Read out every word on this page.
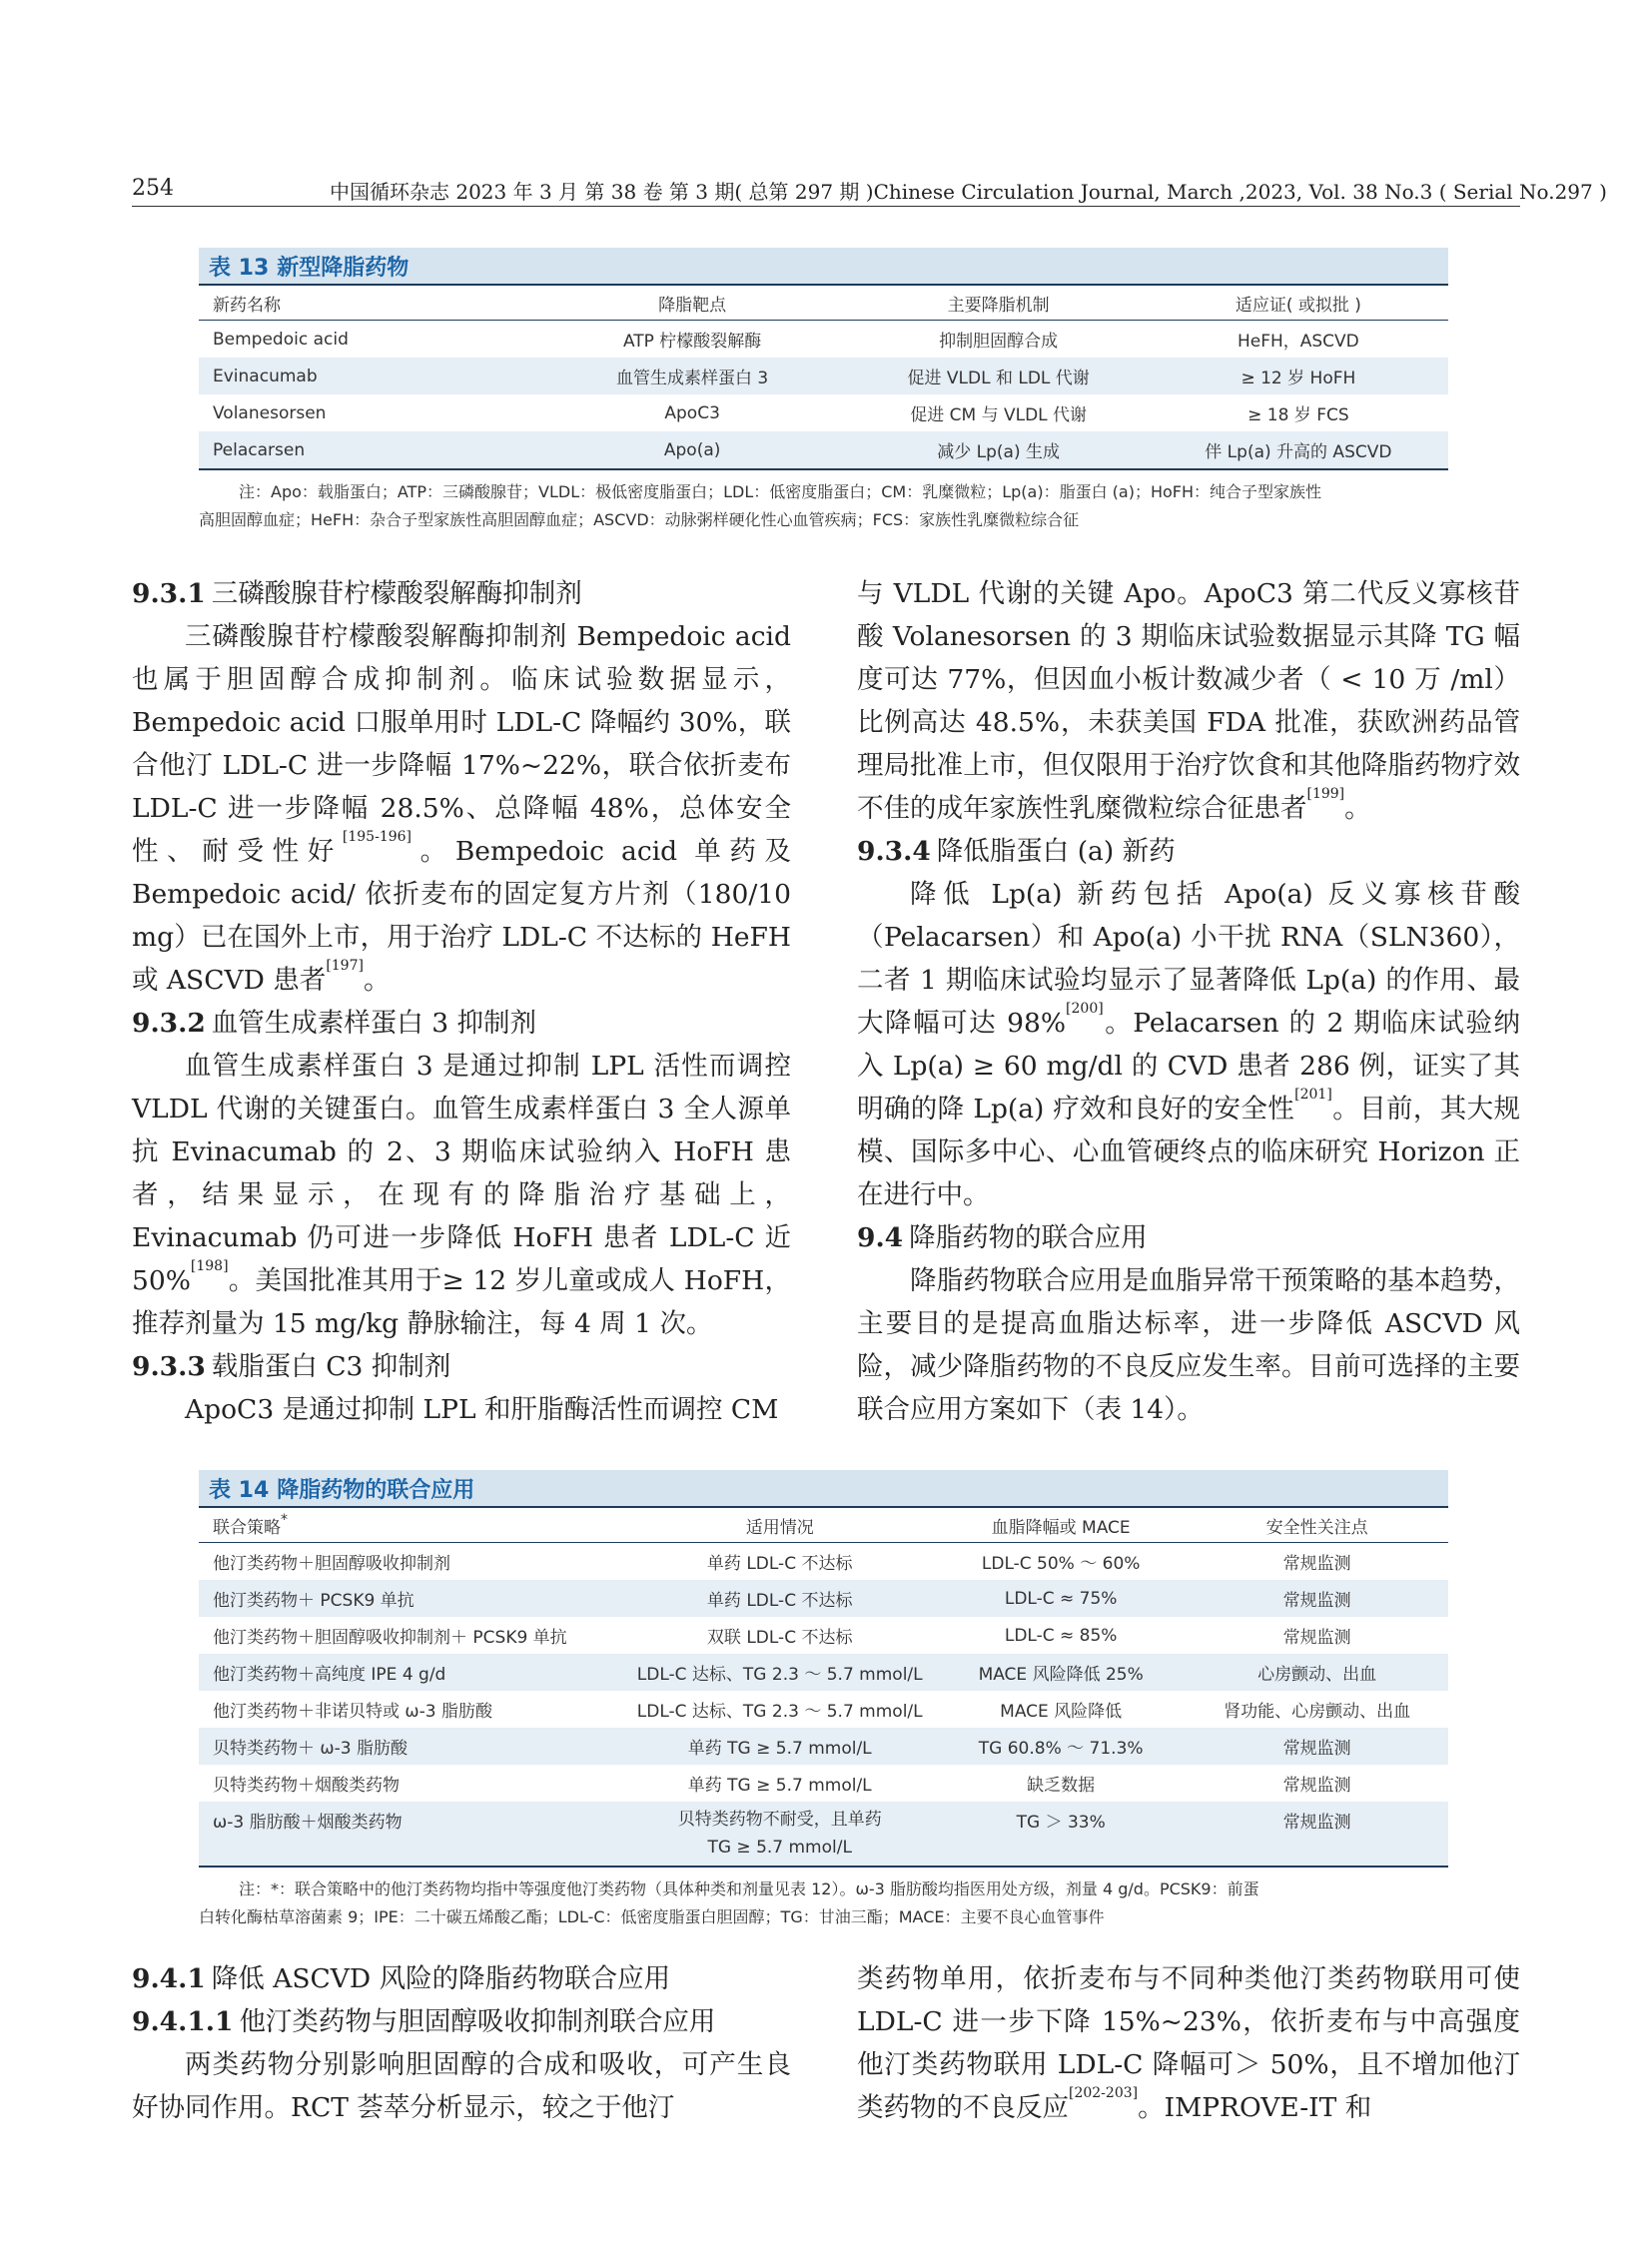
254	中国循环杂志 2023 年 3 月 第 38 卷 第 3 期( 总第 297 期 )Chinese Circulation Journal, March ,2023, Vol. 38 No.3 ( Serial No.297 )
表 13 新型降脂药物
新药名称	降脂靶点	主要降脂机制	适应证( 或拟批 )
Bempedoic acid	ATP 柠檬酸裂解酶	抑制胆固醇合成	HeFH，ASCVD
Evinacumab	血管生成素样蛋白 3	促进 VLDL 和 LDL 代谢	≥ 12 岁 HoFH
Volanesorsen	ApoC3	促进 CM 与 VLDL 代谢	≥ 18 岁 FCS
Pelacarsen	Apo(a)	减少 Lp(a) 生成	伴 Lp(a) 升高的 ASCVD
注：Apo：载脂蛋白；ATP：三磷酸腺苷；VLDL：极低密度脂蛋白；LDL：低密度脂蛋白；CM：乳糜微粒；Lp(a)：脂蛋白 (a)；HoFH：纯合子型家族性
高胆固醇血症；HeFH：杂合子型家族性高胆固醇血症；ASCVD：动脉粥样硬化性心血管疾病；FCS：家族性乳糜微粒综合征

9.3.1 三磷酸腺苷柠檬酸裂解酶抑制剂

三磷酸腺苷柠檬酸裂解酶抑制剂 Bempedoic acid 也属于胆固醇合成抑制剂。临床试验数据显示，Bempedoic acid 口服单用时 LDL-C 降幅约 30%，联合他汀 LDL-C 进一步降幅 17%~22%，联合依折麦布 LDL-C 进一步降幅 28.5%、总降幅 48%，总体安全性、耐受性好[195-196]。Bempedoic acid 单药及 Bempedoic acid/ 依折麦布的固定复方片剂（180/10 mg）已在国外上市，用于治疗 LDL-C 不达标的 HeFH 或 ASCVD 患者[197]。

9.3.2 血管生成素样蛋白 3 抑制剂

血管生成素样蛋白 3 是通过抑制 LPL 活性而调控 VLDL 代谢的关键蛋白。血管生成素样蛋白 3 全人源单抗 Evinacumab 的 2、3 期临床试验纳入 HoFH 患者，结果显示，在现有的降脂治疗基础上，Evinacumab 仍可进一步降低 HoFH 患者 LDL-C 近 50%[198]。美国批准其用于≥ 12 岁儿童或成人 HoFH，推荐剂量为 15 mg/kg 静脉输注，每 4 周 1 次。

9.3.3 载脂蛋白 C3 抑制剂

ApoC3 是通过抑制 LPL 和肝脂酶活性而调控 CM

与 VLDL 代谢的关键 Apo。ApoC3 第二代反义寡核苷酸 Volanesorsen 的 3 期临床试验数据显示其降 TG 幅度可达 77%，但因血小板计数减少者（ < 10 万 /ml）比例高达 48.5%，未获美国 FDA 批准，获欧洲药品管理局批准上市，但仅限用于治疗饮食和其他降脂药物疗效不佳的成年家族性乳糜微粒综合征患者[199]。

9.3.4 降低脂蛋白 (a) 新药

降低 Lp(a) 新药包括 Apo(a) 反义寡核苷酸（Pelacarsen）和 Apo(a) 小干扰 RNA（SLN360），二者 1 期临床试验均显示了显著降低 Lp(a) 的作用、最大降幅可达 98%[200]。Pelacarsen 的 2 期临床试验纳入 Lp(a) ≥ 60 mg/dl 的 CVD 患者 286 例，证实了其明确的降 Lp(a) 疗效和良好的安全性[201]。目前，其大规模、国际多中心、心血管硬终点的临床研究 Horizon 正在进行中。

9.4 降脂药物的联合应用

降脂药物联合应用是血脂异常干预策略的基本趋势，主要目的是提高血脂达标率，进一步降低 ASCVD 风险，减少降脂药物的不良反应发生率。目前可选择的主要联合应用方案如下（表 14）。

表 14 降脂药物的联合应用
联合策略*	适用情况	血脂降幅或 MACE	安全性关注点
他汀类药物＋胆固醇吸收抑制剂	单药 LDL-C 不达标	LDL-C 50% ～ 60%	常规监测
他汀类药物＋ PCSK9 单抗	单药 LDL-C 不达标	LDL-C ≈ 75%	常规监测
他汀类药物＋胆固醇吸收抑制剂＋ PCSK9 单抗	双联 LDL-C 不达标	LDL-C ≈ 85%	常规监测
他汀类药物＋高纯度 IPE 4 g/d	LDL-C 达标、TG 2.3 ～ 5.7 mmol/L	MACE 风险降低 25%	心房颤动、出血
他汀类药物＋非诺贝特或 ω-3 脂肪酸	LDL-C 达标、TG 2.3 ～ 5.7 mmol/L	MACE 风险降低	肾功能、心房颤动、出血
贝特类药物＋ ω-3 脂肪酸	单药 TG ≥ 5.7 mmol/L	TG 60.8% ～ 71.3%	常规监测
贝特类药物＋烟酸类药物	单药 TG ≥ 5.7 mmol/L	缺乏数据	常规监测
ω-3 脂肪酸＋烟酸类药物	贝特类药物不耐受，且单药 TG ≥ 5.7 mmol/L	TG ＞ 33%	常规监测
注：*：联合策略中的他汀类药物均指中等强度他汀类药物（具体种类和剂量见表 12）。ω-3 脂肪酸均指医用处方级，剂量 4 g/d。PCSK9：前蛋
白转化酶枯草溶菌素 9；IPE：二十碳五烯酸乙酯；LDL-C：低密度脂蛋白胆固醇；TG：甘油三酯；MACE：主要不良心血管事件

9.4.1 降低 ASCVD 风险的降脂药物联合应用

9.4.1.1 他汀类药物与胆固醇吸收抑制剂联合应用

两类药物分别影响胆固醇的合成和吸收，可产生良好协同作用。RCT 荟萃分析显示，较之于他汀

类药物单用，依折麦布与不同种类他汀类药物联用可使 LDL-C 进一步下降 15%~23%，依折麦布与中高强度他汀类药物联用 LDL-C 降幅可＞ 50%，且不增加他汀类药物的不良反应[202-203]。IMPROVE-IT 和
